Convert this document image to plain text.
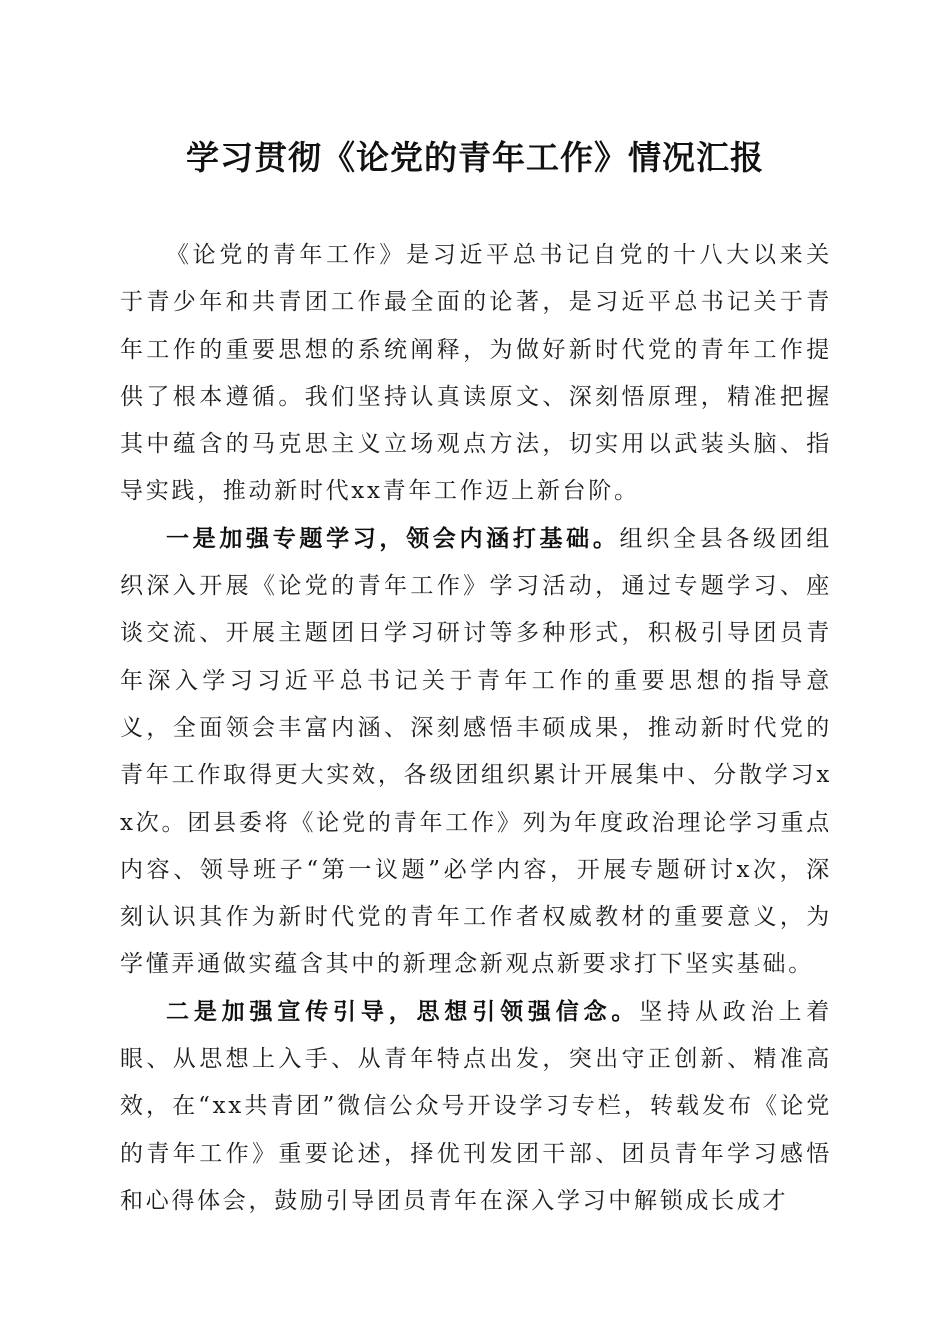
学习贯彻《论党的青年工作》情况汇报

《论党的青年工作》是习近平总书记自党的十八大以来关于青少年和共青团工作最全面的论著，是习近平总书记关于青年工作的重要思想的系统阐释，为做好新时代党的青年工作提供了根本遵循。我们坚持认真读原文、深刻悟原理，精准把握其中蕴含的马克思主义立场观点方法，切实用以武装头脑、指导实践，推动新时代xx青年工作迈上新台阶。

一是加强专题学习，领会内涵打基础。组织全县各级团组织深入开展《论党的青年工作》学习活动，通过专题学习、座谈交流、开展主题团日学习研讨等多种形式，积极引导团员青年深入学习习近平总书记关于青年工作的重要思想的指导意义，全面领会丰富内涵、深刻感悟丰硕成果，推动新时代党的青年工作取得更大实效，各级团组织累计开展集中、分散学习xx次。团县委将《论党的青年工作》列为年度政治理论学习重点内容、领导班子“第一议题”必学内容，开展专题研讨x次，深刻认识其作为新时代党的青年工作者权威教材的重要意义，为学懂弄通做实蕴含其中的新理念新观点新要求打下坚实基础。

二是加强宣传引导，思想引领强信念。坚持从政治上着眼、从思想上入手、从青年特点出发，突出守正创新、精准高效，在“xx共青团”微信公众号开设学习专栏，转载发布《论党的青年工作》重要论述，择优刊发团干部、团员青年学习感悟和心得体会，鼓励引导团员青年在深入学习中解锁成长成才
